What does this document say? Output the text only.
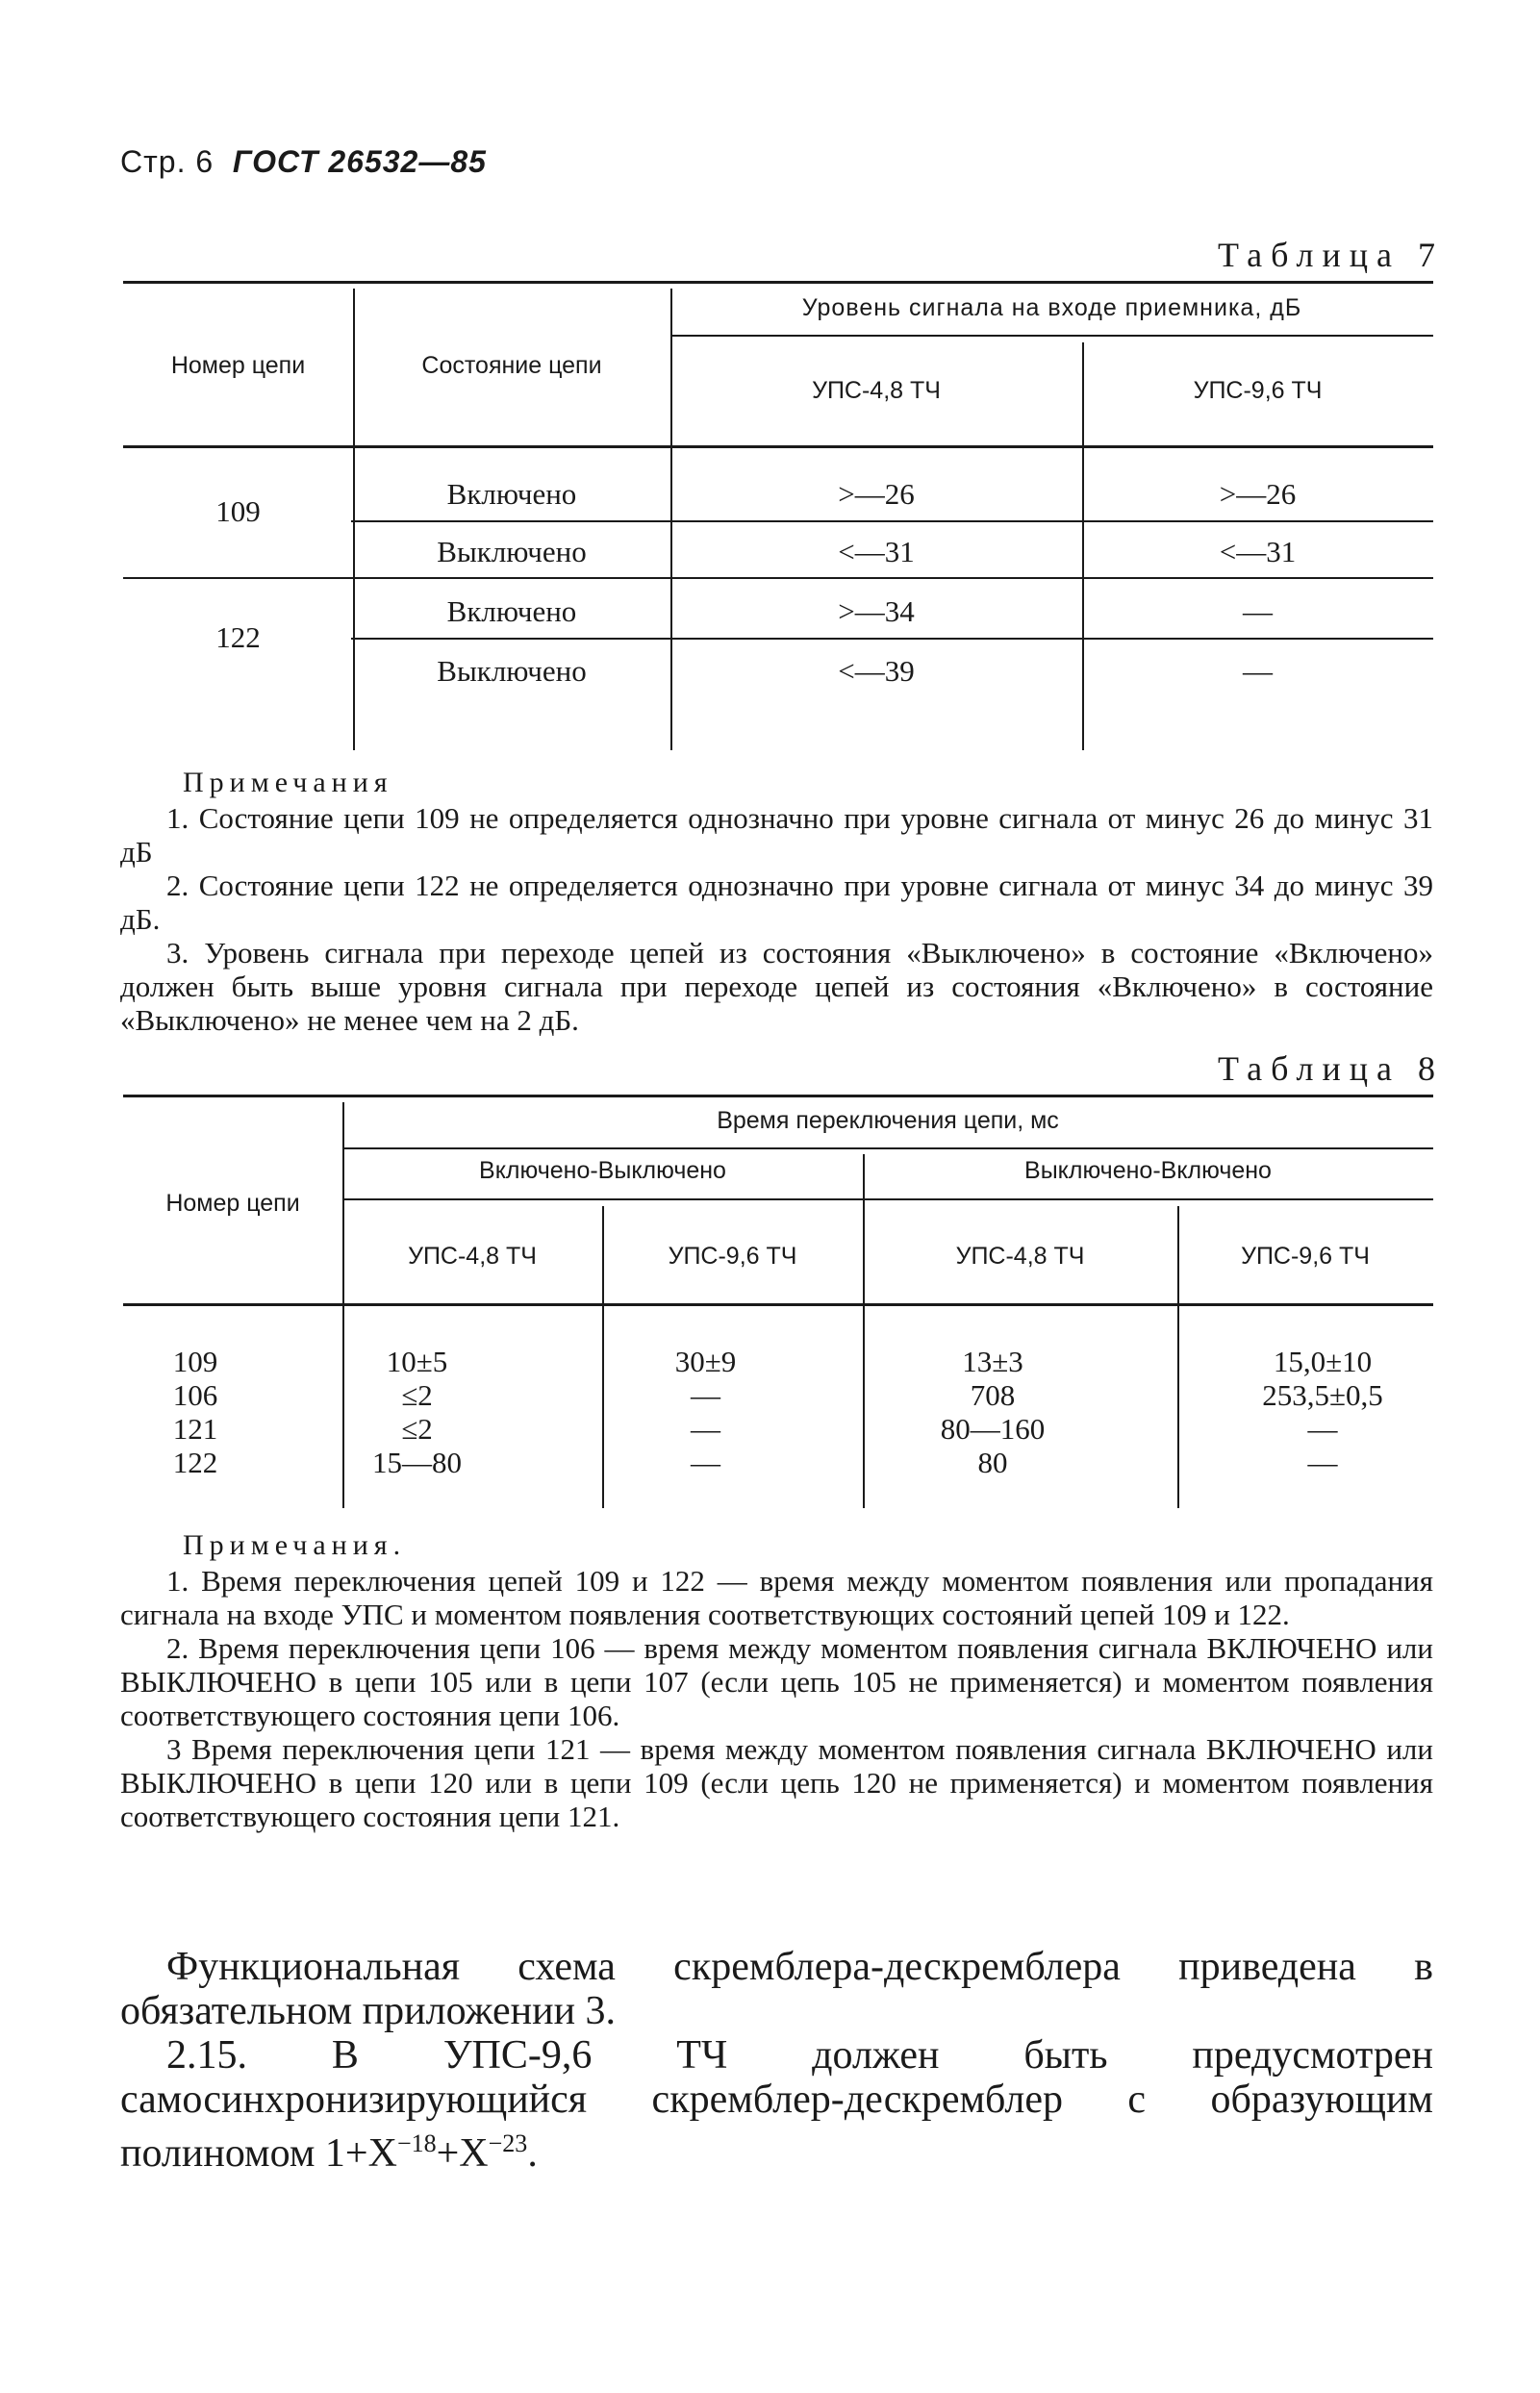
Стр. 6 ГОСТ 26532—85
Таблица 7
Номер цепи	Состояние цепи
Уровень сигнала на входе приемника, дБ
УПС-4,8 ТЧ	УПС-9,6 ТЧ
109
Включено	>—26	>—26
Выключено	<—31	<—31
122
Включено	>—34	—
Выключено	<—39	—
Примечания
1. Состояние цепи 109 не определяется однозначно при уровне сигнала от минус 26 до минус 31 дБ
2. Состояние цепи 122 не определяется однозначно при уровне сигнала от минус 34 до минус 39 дБ.
3. Уровень сигнала при переходе цепей из состояния «Выключено» в состояние «Включено» должен быть выше уровня сигнала при переходе цепей из состояния «Включено» в состояние «Выключено» не менее чем на 2 дБ.
Таблица 8
Номер цепи
Время переключения цепи, мс
Включено-Выключено	Выключено-Включено
УПС-4,8 ТЧ	УПС-9,6 ТЧ	УПС-4,8 ТЧ	УПС-9,6 ТЧ
109	10±5	30±9	13±3	15,0±10
106	≤2	—	708	253,5±0,5
121	≤2	—	80—160	—
122	15—80	—	80	—
Примечания.
1. Время переключения цепей 109 и 122 — время между моментом появления или пропадания сигнала на входе УПС и моментом появления соответствующих состояний цепей 109 и 122.
2. Время переключения цепи 106 — время между моментом появления сигнала ВКЛЮЧЕНО или ВЫКЛЮЧЕНО в цепи 105 или в цепи 107 (если цепь 105 не применяется) и моментом появления соответствующего состояния цепи 106.
3 Время переключения цепи 121 — время между моментом появления сигнала ВКЛЮЧЕНО или ВЫКЛЮЧЕНО в цепи 120 или в цепи 109 (если цепь 120 не применяется) и моментом появления соответствующего состояния цепи 121.
Функциональная схема скремблера-дескремблера приведена в обязательном приложении 3.
2.15. В УПС-9,6 ТЧ должен быть предусмотрен самосинхронизирующийся скремблер-дескремблер с образующим полиномом $1+X^{-18}+X^{-23}$.
